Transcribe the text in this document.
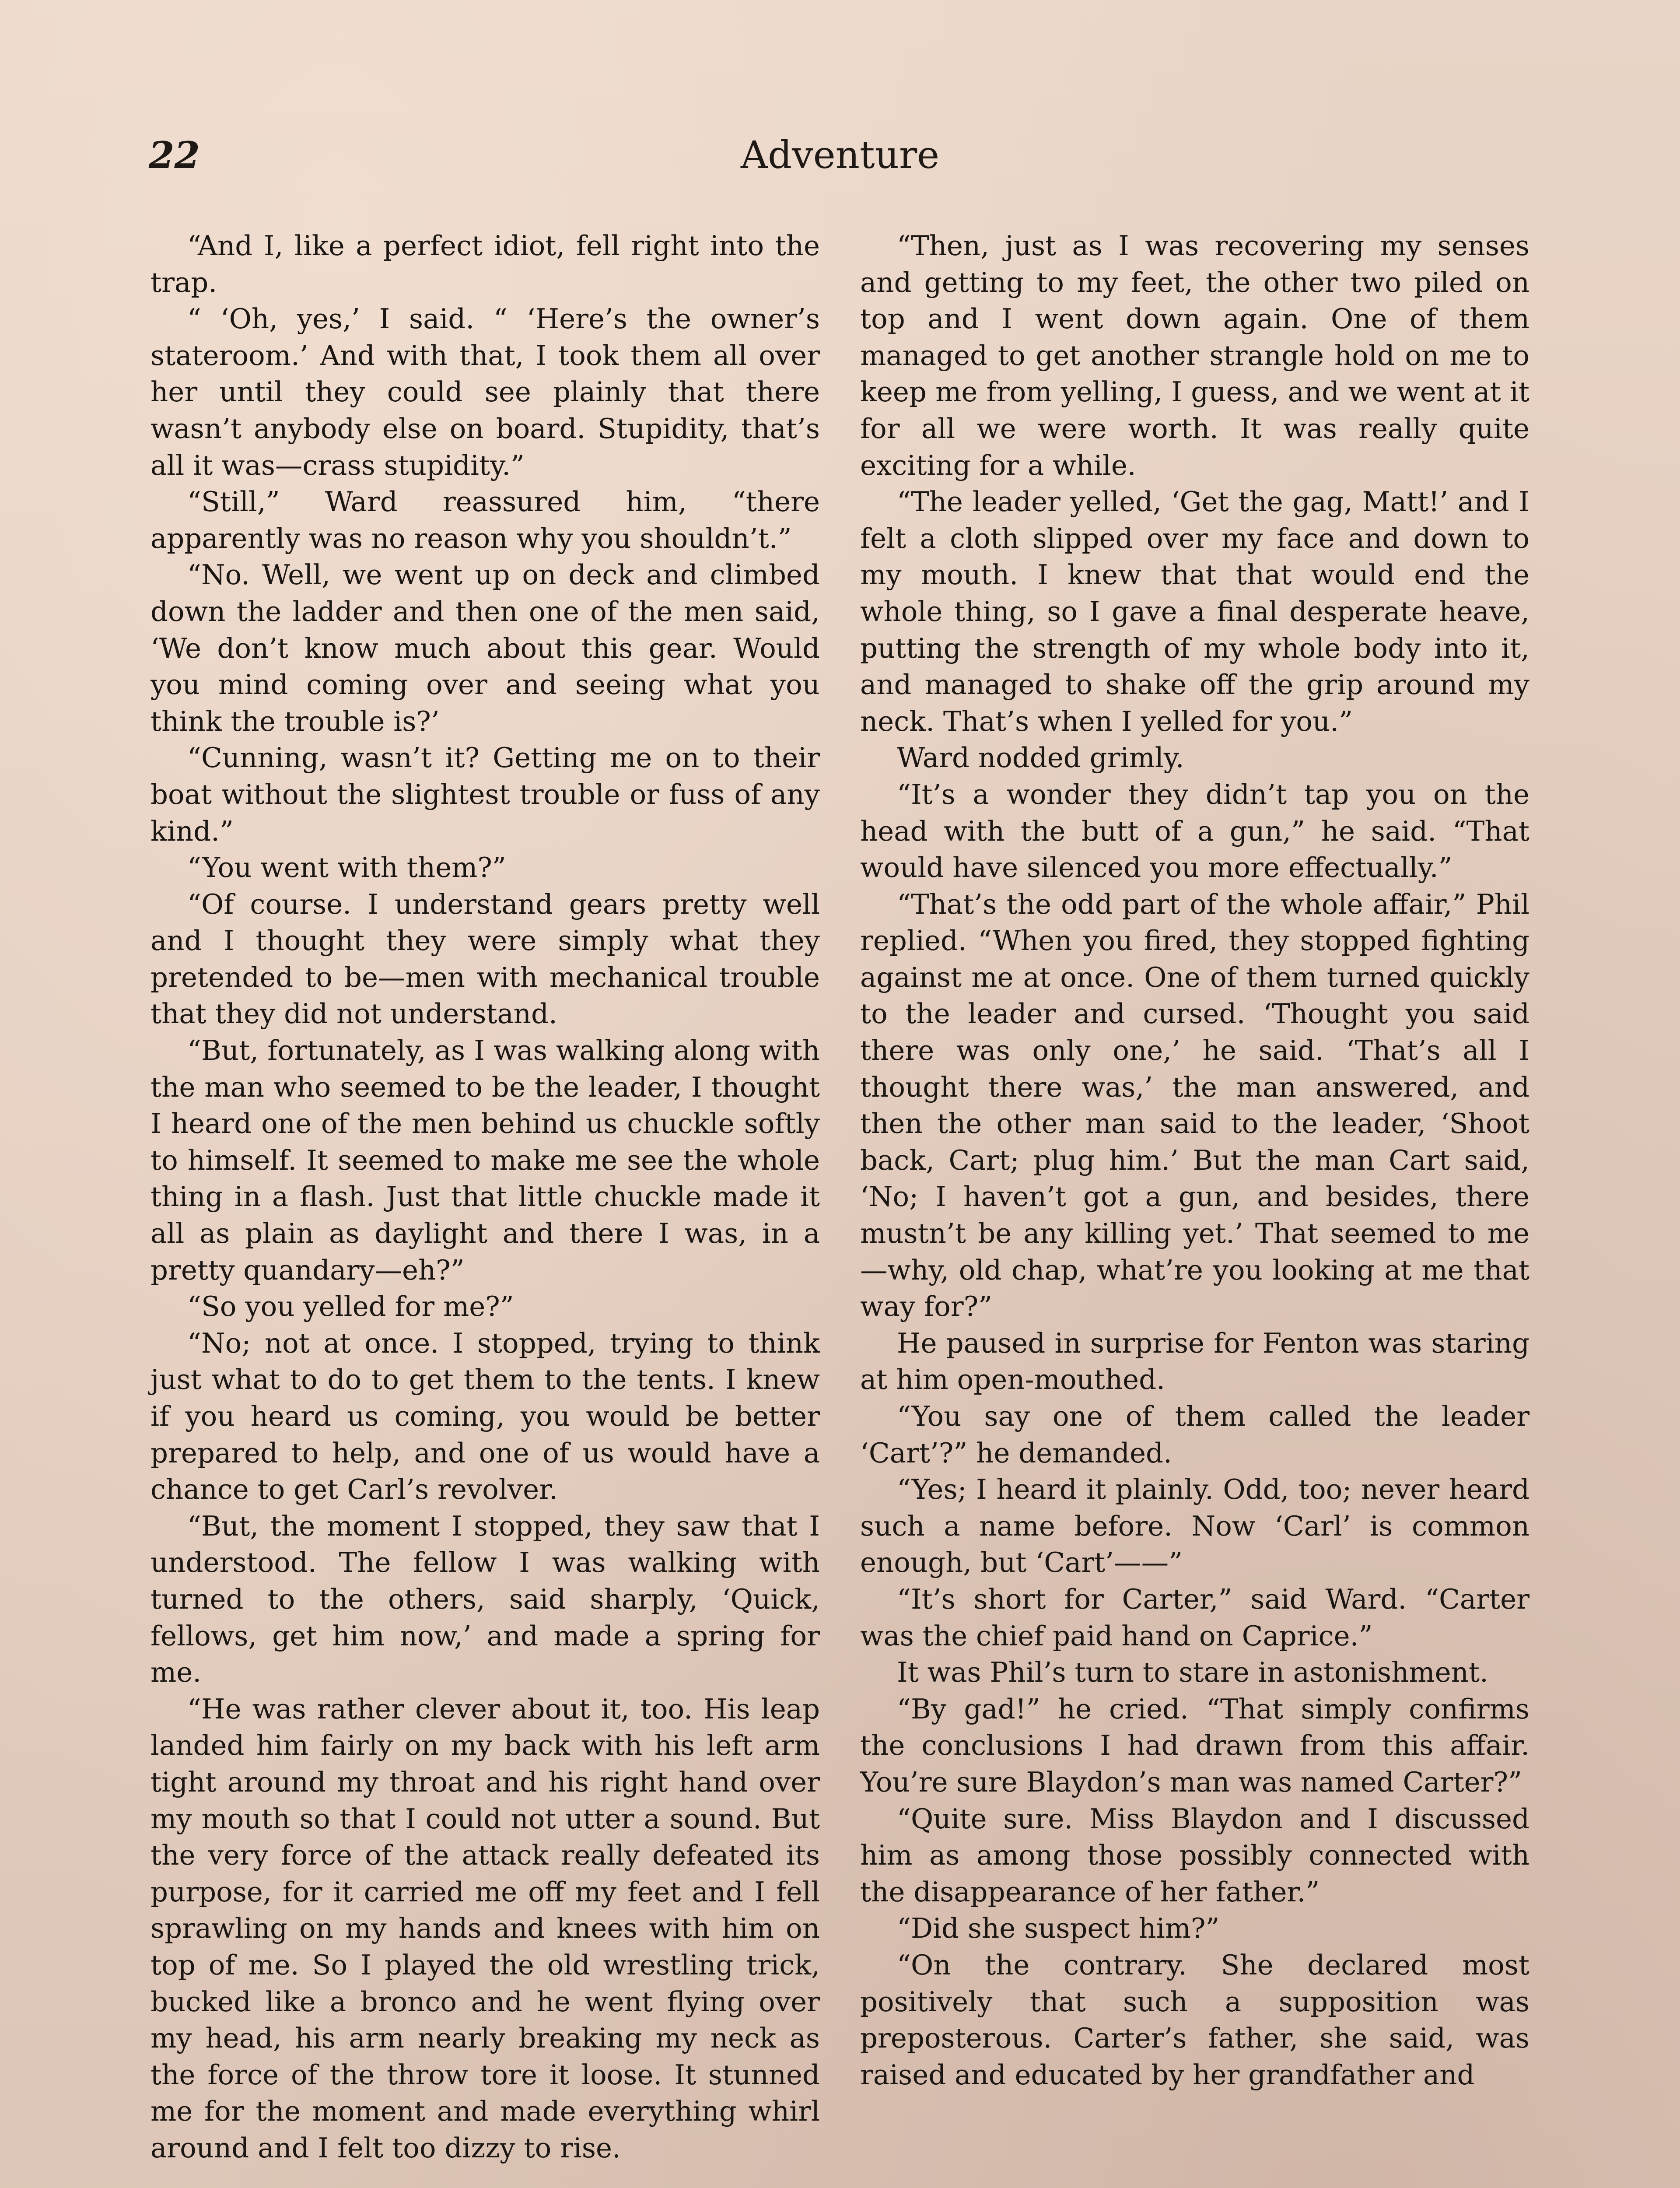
22	Adventure

“And I, like a perfect idiot, fell right into the trap.

“ ‘Oh, yes,’ I said. “ ‘Here’s the owner’s stateroom.’ And with that, I took them all over her until they could see plainly that there wasn’t anybody else on board. Stupidity, that’s all it was—crass stupidity.”

“Still,” Ward reassured him, “there apparently was no reason why you shouldn’t.”

“No. Well, we went up on deck and climbed down the ladder and then one of the men said, ‘We don’t know much about this gear. Would you mind coming over and seeing what you think the trouble is?’

“Cunning, wasn’t it? Getting me on to their boat without the slightest trouble or fuss of any kind.”

“You went with them?”

“Of course. I understand gears pretty well and I thought they were simply what they pretended to be—men with mechanical trouble that they did not understand.

“But, fortunately, as I was walking along with the man who seemed to be the leader, I thought I heard one of the men behind us chuckle softly to himself. It seemed to make me see the whole thing in a flash. Just that little chuckle made it all as plain as daylight and there I was, in a pretty quandary—eh?”

“So you yelled for me?”

“No; not at once. I stopped, trying to think just what to do to get them to the tents. I knew if you heard us coming, you would be better prepared to help, and one of us would have a chance to get Carl’s revolver.

“But, the moment I stopped, they saw that I understood. The fellow I was walking with turned to the others, said sharply, ‘Quick, fellows, get him now,’ and made a spring for me.

“He was rather clever about it, too. His leap landed him fairly on my back with his left arm tight around my throat and his right hand over my mouth so that I could not utter a sound. But the very force of the attack really defeated its purpose, for it carried me off my feet and I fell sprawling on my hands and knees with him on top of me. So I played the old wrestling trick, bucked like a bronco and he went flying over my head, his arm nearly breaking my neck as the force of the throw tore it loose. It stunned me for the moment and made everything whirl around and I felt too dizzy to rise.

“Then, just as I was recovering my senses and getting to my feet, the other two piled on top and I went down again. One of them managed to get another strangle hold on me to keep me from yelling, I guess, and we went at it for all we were worth. It was really quite exciting for a while.

“The leader yelled, ‘Get the gag, Matt!’ and I felt a cloth slipped over my face and down to my mouth. I knew that that would end the whole thing, so I gave a final desperate heave, putting the strength of my whole body into it, and managed to shake off the grip around my neck. That’s when I yelled for you.”

Ward nodded grimly.

“It’s a wonder they didn’t tap you on the head with the butt of a gun,” he said. “That would have silenced you more effectually.”

“That’s the odd part of the whole affair,” Phil replied. “When you fired, they stopped fighting against me at once. One of them turned quickly to the leader and cursed. ‘Thought you said there was only one,’ he said. ‘That’s all I thought there was,’ the man answered, and then the other man said to the leader, ‘Shoot back, Cart; plug him.’ But the man Cart said, ‘No; I haven’t got a gun, and besides, there mustn’t be any killing yet.’ That seemed to me—why, old chap, what’re you looking at me that way for?”

He paused in surprise for Fenton was staring at him open-mouthed.

“You say one of them called the leader ‘Cart’?” he demanded.

“Yes; I heard it plainly. Odd, too; never heard such a name before. Now ‘Carl’ is common enough, but ‘Cart’——”

“It’s short for Carter,” said Ward. “Carter was the chief paid hand on Caprice.”

It was Phil’s turn to stare in astonishment.

“By gad!” he cried. “That simply confirms the conclusions I had drawn from this affair. You’re sure Blaydon’s man was named Carter?”

“Quite sure. Miss Blaydon and I discussed him as among those possibly connected with the disappearance of her father.”

“Did she suspect him?”

“On the contrary. She declared most positively that such a supposition was preposterous. Carter’s father, she said, was raised and educated by her grandfather and
